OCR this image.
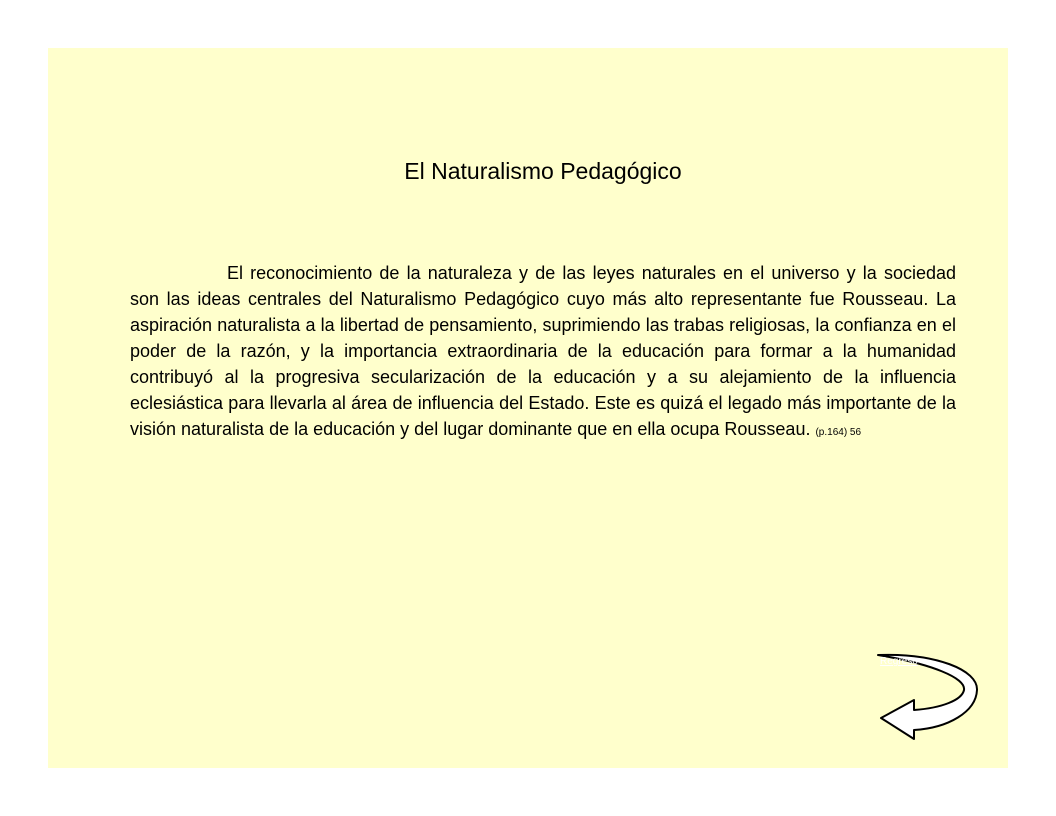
El Naturalismo Pedagógico

El reconocimiento de la naturaleza y de las leyes naturales en el universo y la sociedad son las ideas centrales del Naturalismo Pedagógico cuyo más alto representante fue Rousseau. La aspiración naturalista a la libertad de pensamiento, suprimiendo las trabas religiosas, la confianza en el poder de la razón, y la importancia extraordinaria de la educación para formar a la humanidad contribuyó al la progresiva secularización de la educación y a su alejamiento de la influencia eclesiástica para llevarla al área de influencia del Estado. Este es quizá el legado más importante de la visión naturalista de la educación y del lugar dominante que en ella ocupa Rousseau. (p.164) 56

Regreso
